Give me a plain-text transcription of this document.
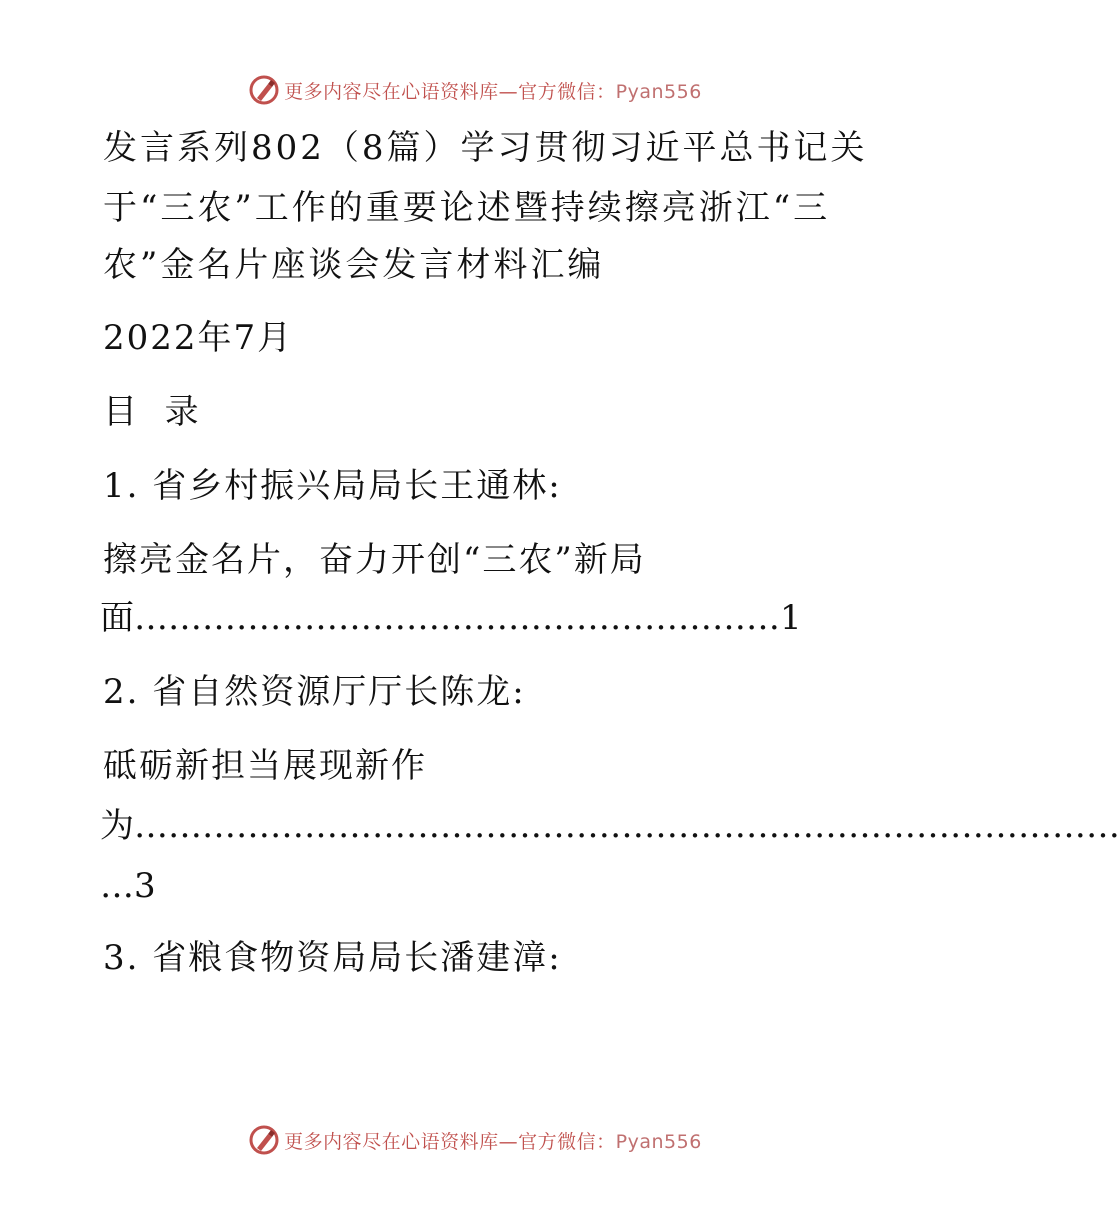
更多内容尽在心语资料库—官方微信：Pyan556
发言系列802（8篇）学习贯彻习近平总书记关
于“三农”工作的重要论述暨持续擦亮浙江“三
农”金名片座谈会发言材料汇编
2022年7月
目  录
1. 省乡村振兴局局长王通林:
擦亮金名片，奋力开创“三农”新局
面…………………………………………………1
2. 省自然资源厅厅长陈龙:
砥砺新担当展现新作
为……………………………………………………………………………
…3
3. 省粮食物资局局长潘建漳:
更多内容尽在心语资料库—官方微信：Pyan556
